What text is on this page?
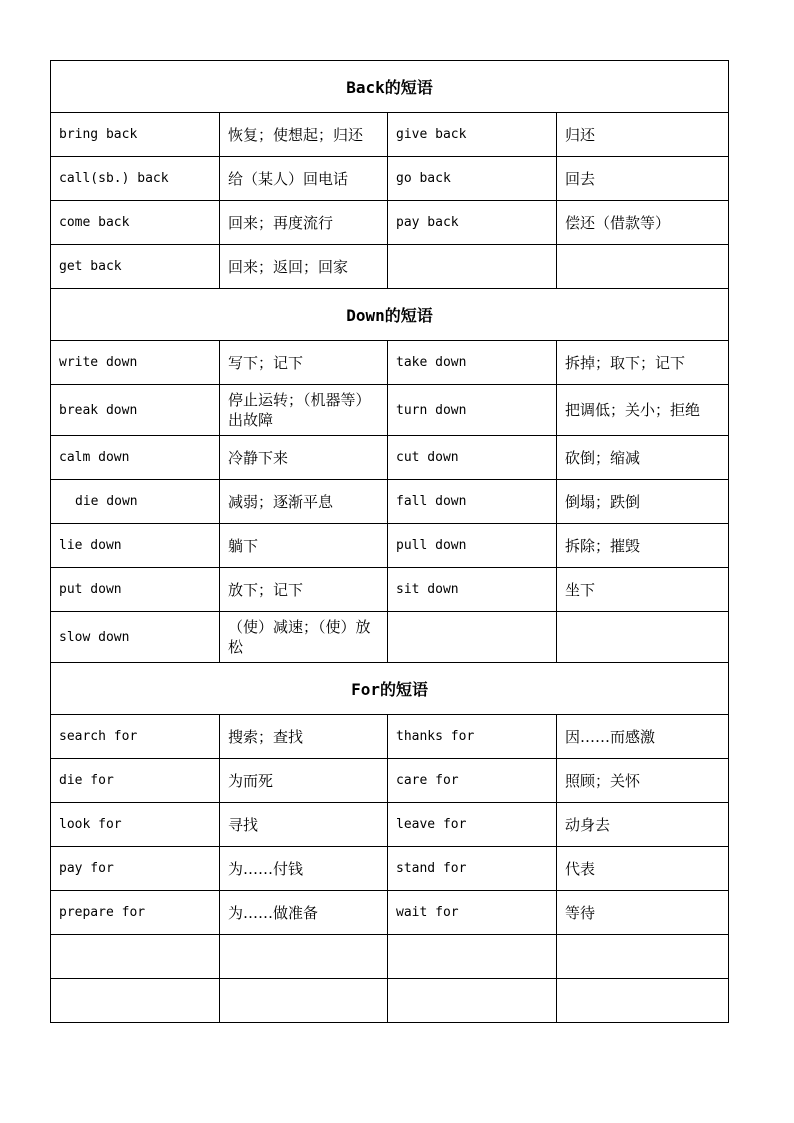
Back的短语			
bring back	恢复；使想起；归还	give back	归还
call(sb.) back	给（某人）回电话	go back	回去
come back	回来；再度流行	pay back	偿还（借款等）
get back	回来；返回；回家		
Down的短语			
write down	写下；记下	take down	拆掉；取下；记下
break down	停止运转；（机器等）出故障	turn down	把调低；关小；拒绝
calm down	冷静下来	cut down	砍倒；缩减
die down	减弱；逐渐平息	fall down	倒塌；跌倒
lie down	躺下	pull down	拆除；摧毁
put down	放下；记下	sit down	坐下
slow down	（使）减速；（使）放松		
For的短语			
search for	搜索；查找	thanks for	因……而感激
die for	为而死	care for	照顾；关怀
look for	寻找	leave for	动身去
pay for	为……付钱	stand for	代表
prepare for	为……做准备	wait for	等待
